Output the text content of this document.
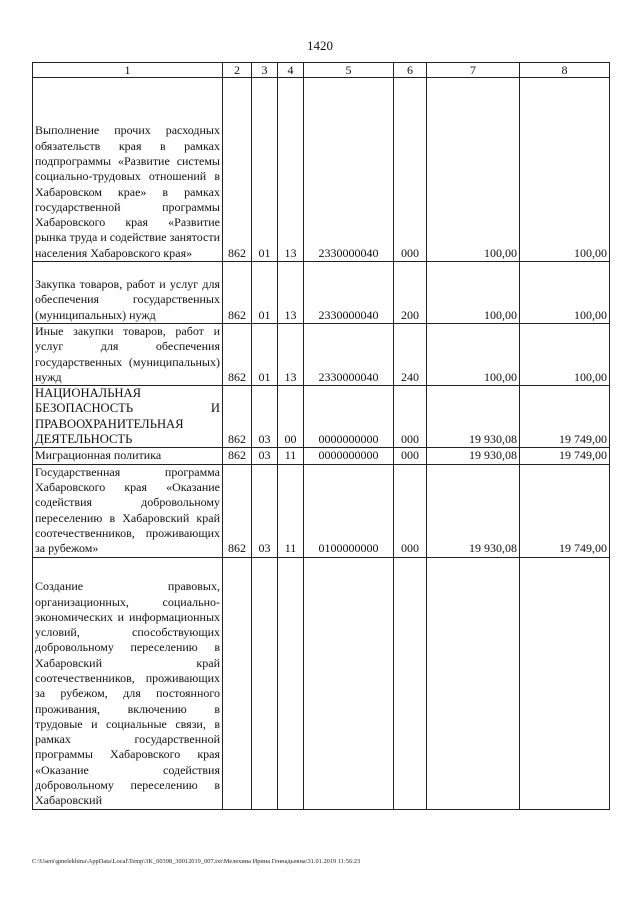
1420
1	2	3	4	5	6	7	8
Выполнение прочих расходных обязательств края в рамках подпрограммы «Развитие системы социально-трудовых отношений в Хабаровском крае» в рамках государственной программы Хабаровского края «Развитие рынка труда и содействие занятости населения Хабаровского края»	862	01	13	2330000040	000	100,00	100,00
Закупка товаров, работ и услуг для обеспечения государственных (муниципальных) нужд	862	01	13	2330000040	200	100,00	100,00
Иные закупки товаров, работ и услуг для обеспечения государственных (муниципальных) нужд	862	01	13	2330000040	240	100,00	100,00
НАЦИОНАЛЬНАЯ БЕЗОПАСНОСТЬ И ПРАВООХРАНИТЕЛЬНАЯ ДЕЯТЕЛЬНОСТЬ	862	03	00	0000000000	000	19 930,08	19 749,00
Миграционная политика	862	03	11	0000000000	000	19 930,08	19 749,00
Государственная программа Хабаровского края «Оказание содействия добровольному переселению в Хабаровский край соотечественников, проживающих за рубежом»	862	03	11	0100000000	000	19 930,08	19 749,00
Создание правовых, организационных, социально-экономических и информационных условий, способствующих добровольному переселению в Хабаровский край соотечественников, проживающих за рубежом, для постоянного проживания, включению в трудовые и социальные связи, в рамках государственной программы Хабаровского края «Оказание содействия добровольному переселению в Хабаровский							
C:\Users\gmelekhina\AppData\Local\Temp\3K_00398_30012019_007.txt\Мелехина Ирина Геннадьевна\31.01.2019 11:56:23
